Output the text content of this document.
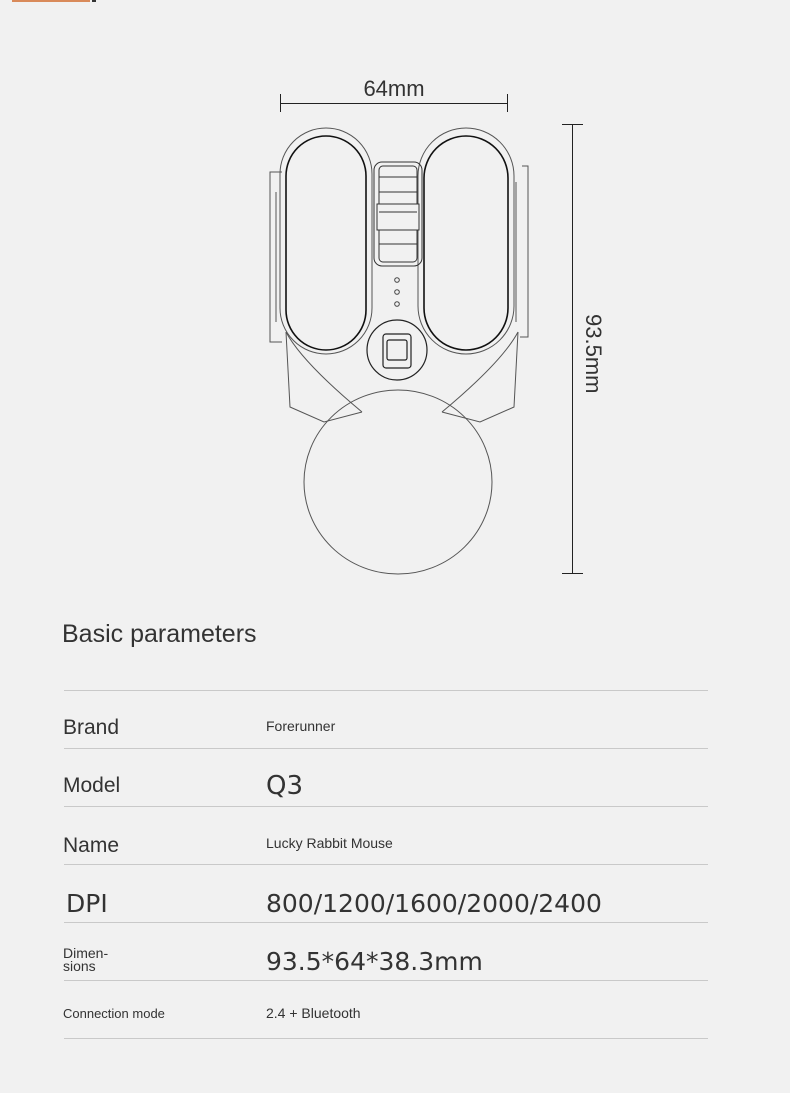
64mm
93.5mm
Basic parameters
Brand	Forerunner
Model	Q3
Name	Lucky Rabbit Mouse
DPI	800/1200/1600/2000/2400
Dimen-
sions	93.5*64*38.3mm
Connection mode	2.4 + Bluetooth
